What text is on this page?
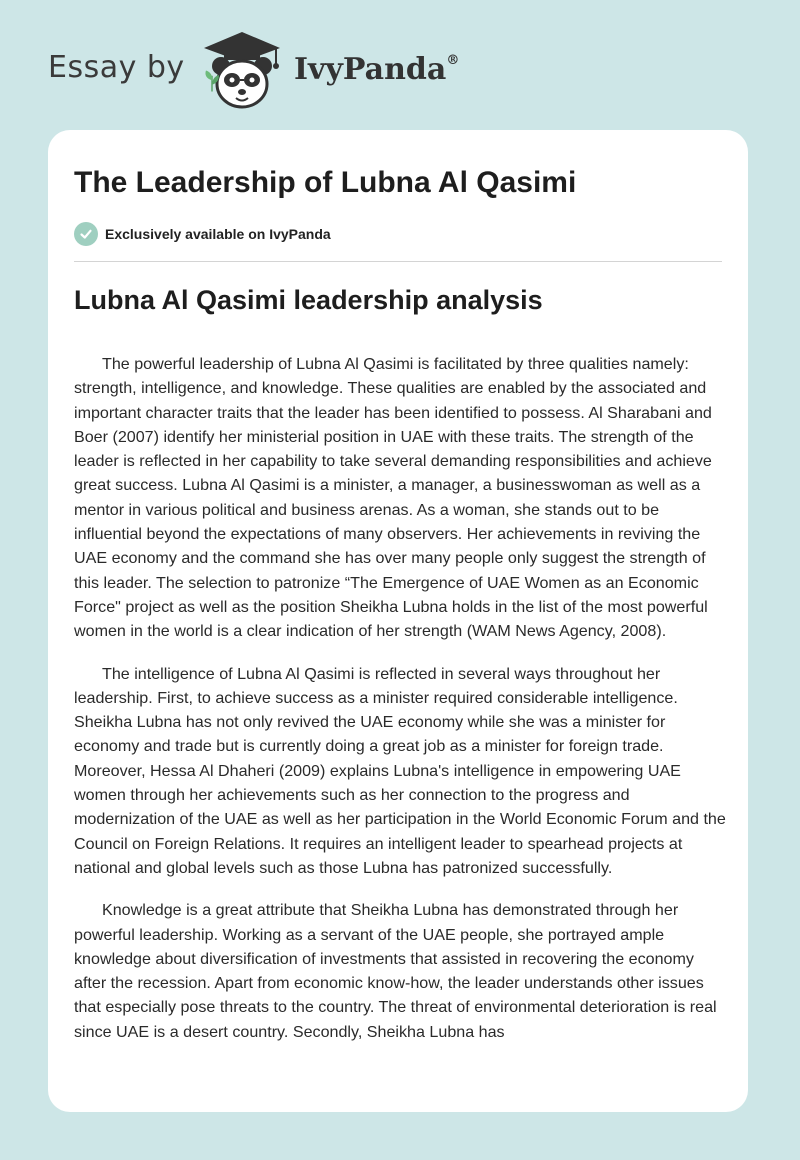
Essay by	IvyPanda®
The Leadership of Lubna Al Qasimi
Exclusively available on IvyPanda
Lubna Al Qasimi leadership analysis

The powerful leadership of Lubna Al Qasimi is facilitated by three qualities namely: strength, intelligence, and knowledge. These qualities are enabled by the associated and important character traits that the leader has been identified to possess. Al Sharabani and Boer (2007) identify her ministerial position in UAE with these traits. The strength of the leader is reflected in her capability to take several demanding responsibilities and achieve great success. Lubna Al Qasimi is a minister, a manager, a businesswoman as well as a mentor in various political and business arenas. As a woman, she stands out to be influential beyond the expectations of many observers. Her achievements in reviving the UAE economy and the command she has over many people only suggest the strength of this leader. The selection to patronize “The Emergence of UAE Women as an Economic Force" project as well as the position Sheikha Lubna holds in the list of the most powerful women in the world is a clear indication of her strength (WAM News Agency, 2008).

The intelligence of Lubna Al Qasimi is reflected in several ways throughout her leadership. First, to achieve success as a minister required considerable intelligence. Sheikha Lubna has not only revived the UAE economy while she was a minister for economy and trade but is currently doing a great job as a minister for foreign trade. Moreover, Hessa Al Dhaheri (2009) explains Lubna's intelligence in empowering UAE women through her achievements such as her connection to the progress and modernization of the UAE as well as her participation in the World Economic Forum and the Council on Foreign Relations. It requires an intelligent leader to spearhead projects at national and global levels such as those Lubna has patronized successfully.

Knowledge is a great attribute that Sheikha Lubna has demonstrated through her powerful leadership. Working as a servant of the UAE people, she portrayed ample knowledge about diversification of investments that assisted in recovering the economy after the recession. Apart from economic know-how, the leader understands other issues that especially pose threats to the country. The threat of environmental deterioration is real since UAE is a desert country. Secondly, Sheikha Lubna has
